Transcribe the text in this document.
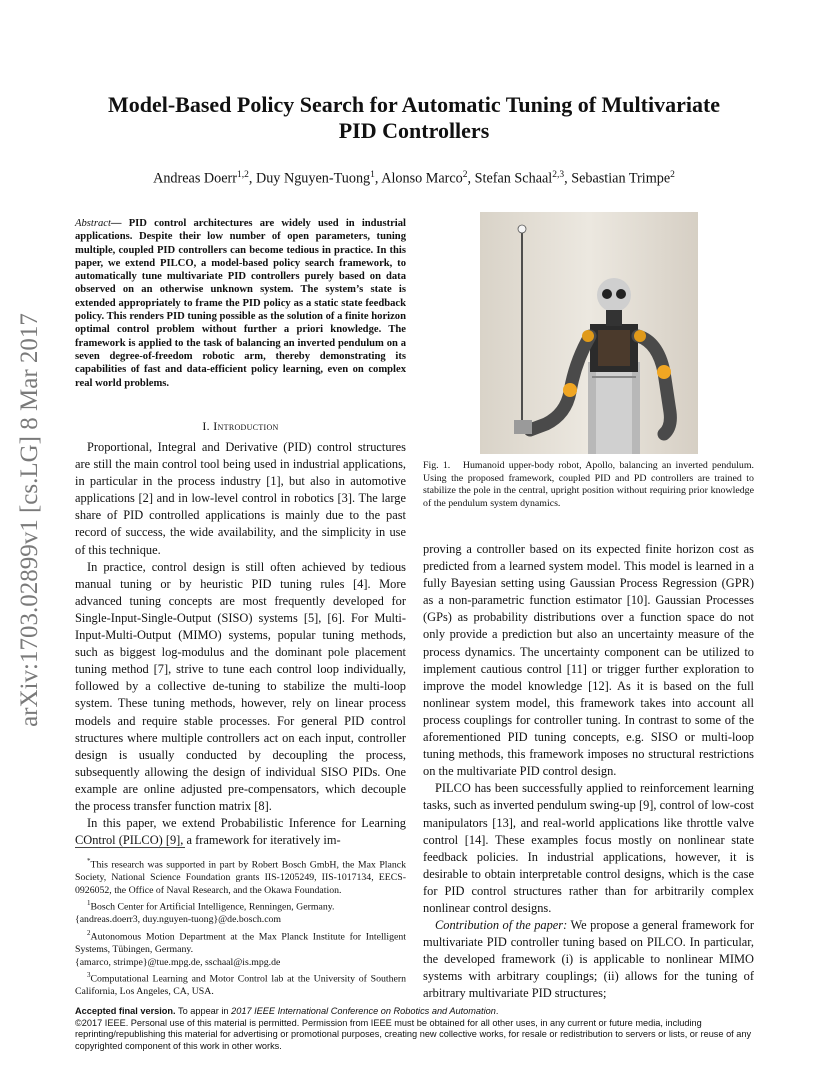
arXiv:1703.02899v1 [cs.LG] 8 Mar 2017
Model-Based Policy Search for Automatic Tuning of Multivariate PID Controllers
Andreas Doerr$^{1,2}$, Duy Nguyen-Tuong$^1$, Alonso Marco$^2$, Stefan Schaal$^{2,3}$, Sebastian Trimpe$^2$
Abstract— PID control architectures are widely used in industrial applications. Despite their low number of open parameters, tuning multiple, coupled PID controllers can become tedious in practice. In this paper, we extend PILCO, a model-based policy search framework, to automatically tune multivariate PID controllers purely based on data observed on an otherwise unknown system. The system’s state is extended appropriately to frame the PID policy as a static state feedback policy. This renders PID tuning possible as the solution of a finite horizon optimal control problem without further a priori knowledge. The framework is applied to the task of balancing an inverted pendulum on a seven degree-of-freedom robotic arm, thereby demonstrating its capabilities of fast and data-efficient policy learning, even on complex real world problems.
I. Introduction

Proportional, Integral and Derivative (PID) control structures are still the main control tool being used in industrial applications, in particular in the process industry [1], but also in automotive applications [2] and in low-level control in robotics [3]. The large share of PID controlled applications is mainly due to the past record of success, the wide availability, and the simplicity in use of this technique.

In practice, control design is still often achieved by tedious manual tuning or by heuristic PID tuning rules [4]. More advanced tuning concepts are most frequently developed for Single-Input-Single-Output (SISO) systems [5], [6]. For Multi-Input-Multi-Output (MIMO) systems, popular tuning methods, such as biggest log-modulus and the dominant pole placement tuning method [7], strive to tune each control loop individually, followed by a collective de-tuning to stabilize the multi-loop system. These tuning methods, however, rely on linear process models and require stable processes. For general PID control structures where multiple controllers act on each input, controller design is usually conducted by decoupling the process, subsequently allowing the design of individual SISO PIDs. One example are online adjusted pre-compensators, which decouple the process transfer function matrix [8].

In this paper, we extend Probabilistic Inference for Learning COntrol (PILCO) [9], a framework for iteratively im-

*This research was supported in part by Robert Bosch GmbH, the Max Planck Society, National Science Foundation grants IIS-1205249, IIS-1017134, EECS-0926052, the Office of Naval Research, and the Okawa Foundation.

$^1$Bosch Center for Artificial Intelligence, Renningen, Germany.

{andreas.doerr3, duy.nguyen-tuong}@de.bosch.com

$^2$Autonomous Motion Department at the Max Planck Institute for Intelligent Systems, Tübingen, Germany.

{amarco, strimpe}@tue.mpg.de, sschaal@is.mpg.de

$^3$Computational Learning and Motor Control lab at the University of Southern California, Los Angeles, CA, USA.

Fig. 1. Humanoid upper-body robot, Apollo, balancing an inverted pendulum. Using the proposed framework, coupled PID and PD controllers are trained to stabilize the pole in the central, upright position without requiring prior knowledge of the pendulum system dynamics.

proving a controller based on its expected finite horizon cost as predicted from a learned system model. This model is learned in a fully Bayesian setting using Gaussian Process Regression (GPR) as a non-parametric function estimator [10]. Gaussian Processes (GPs) as probability distributions over a function space do not only provide a prediction but also an uncertainty measure of the process dynamics. The uncertainty component can be utilized to implement cautious control [11] or trigger further exploration to improve the model knowledge [12]. As it is based on the full nonlinear system model, this framework takes into account all process couplings for controller tuning. In contrast to some of the aforementioned PID tuning concepts, e.g. SISO or multi-loop tuning methods, this framework imposes no structural restrictions on the multivariate PID control design.

PILCO has been successfully applied to reinforcement learning tasks, such as inverted pendulum swing-up [9], control of low-cost manipulators [13], and real-world applications like throttle valve control [14]. These examples focus mostly on nonlinear state feedback policies. In industrial applications, however, it is desirable to obtain interpretable control designs, which is the case for PID control structures rather than for arbitrarily complex nonlinear control designs.

Contribution of the paper: We propose a general framework for multivariate PID controller tuning based on PILCO. In particular, the developed framework (i) is applicable to nonlinear MIMO systems with arbitrary couplings; (ii) allows for the tuning of arbitrary multivariate PID structures;

Accepted final version. To appear in 2017 IEEE International Conference on Robotics and Automation.
©2017 IEEE. Personal use of this material is permitted. Permission from IEEE must be obtained for all other uses, in any current or future media, including reprinting/republishing this material for advertising or promotional purposes, creating new collective works, for resale or redistribution to servers or lists, or reuse of any copyrighted component of this work in other works.
